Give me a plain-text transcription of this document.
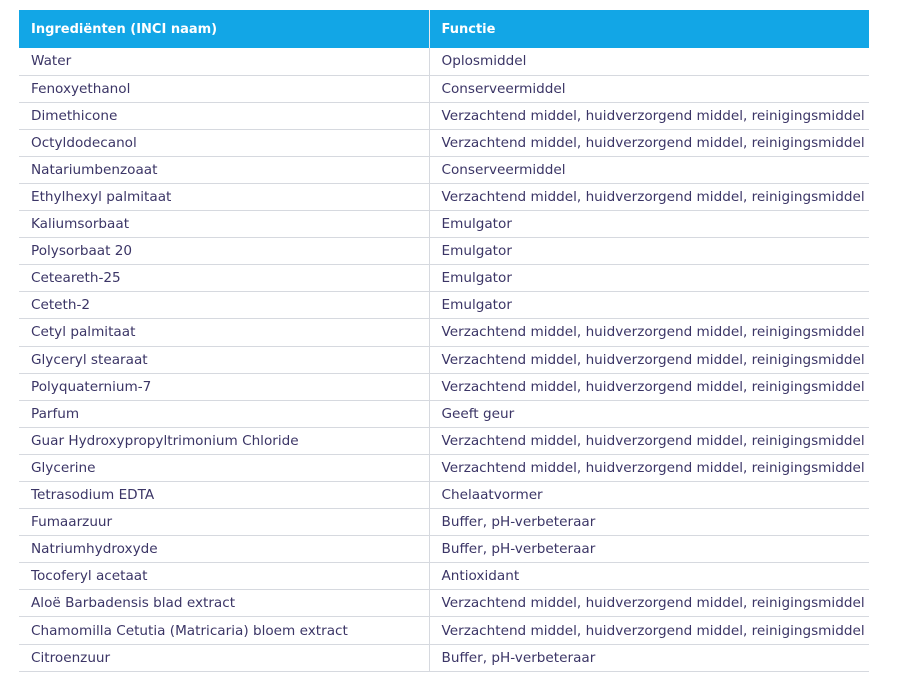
Ingrediënten (INCI naam)	Functie
Water	Oplosmiddel
Fenoxyethanol	Conserveermiddel
Dimethicone	Verzachtend middel, huidverzorgend middel, reinigingsmiddel
Octyldodecanol	Verzachtend middel, huidverzorgend middel, reinigingsmiddel
Natariumbenzoaat	Conserveermiddel
Ethylhexyl palmitaat	Verzachtend middel, huidverzorgend middel, reinigingsmiddel
Kaliumsorbaat	Emulgator
Polysorbaat 20	Emulgator
Ceteareth-25	Emulgator
Ceteth-2	Emulgator
Cetyl palmitaat	Verzachtend middel, huidverzorgend middel, reinigingsmiddel
Glyceryl stearaat	Verzachtend middel, huidverzorgend middel, reinigingsmiddel
Polyquaternium-7	Verzachtend middel, huidverzorgend middel, reinigingsmiddel
Parfum	Geeft geur
Guar Hydroxypropyltrimonium Chloride	Verzachtend middel, huidverzorgend middel, reinigingsmiddel
Glycerine	Verzachtend middel, huidverzorgend middel, reinigingsmiddel
Tetrasodium EDTA	Chelaatvormer
Fumaarzuur	Buffer, pH-verbeteraar
Natriumhydroxyde	Buffer, pH-verbeteraar
Tocoferyl acetaat	Antioxidant
Aloë Barbadensis blad extract	Verzachtend middel, huidverzorgend middel, reinigingsmiddel
Chamomilla Cetutia (Matricaria) bloem extract	Verzachtend middel, huidverzorgend middel, reinigingsmiddel
Citroenzuur	Buffer, pH-verbeteraar
